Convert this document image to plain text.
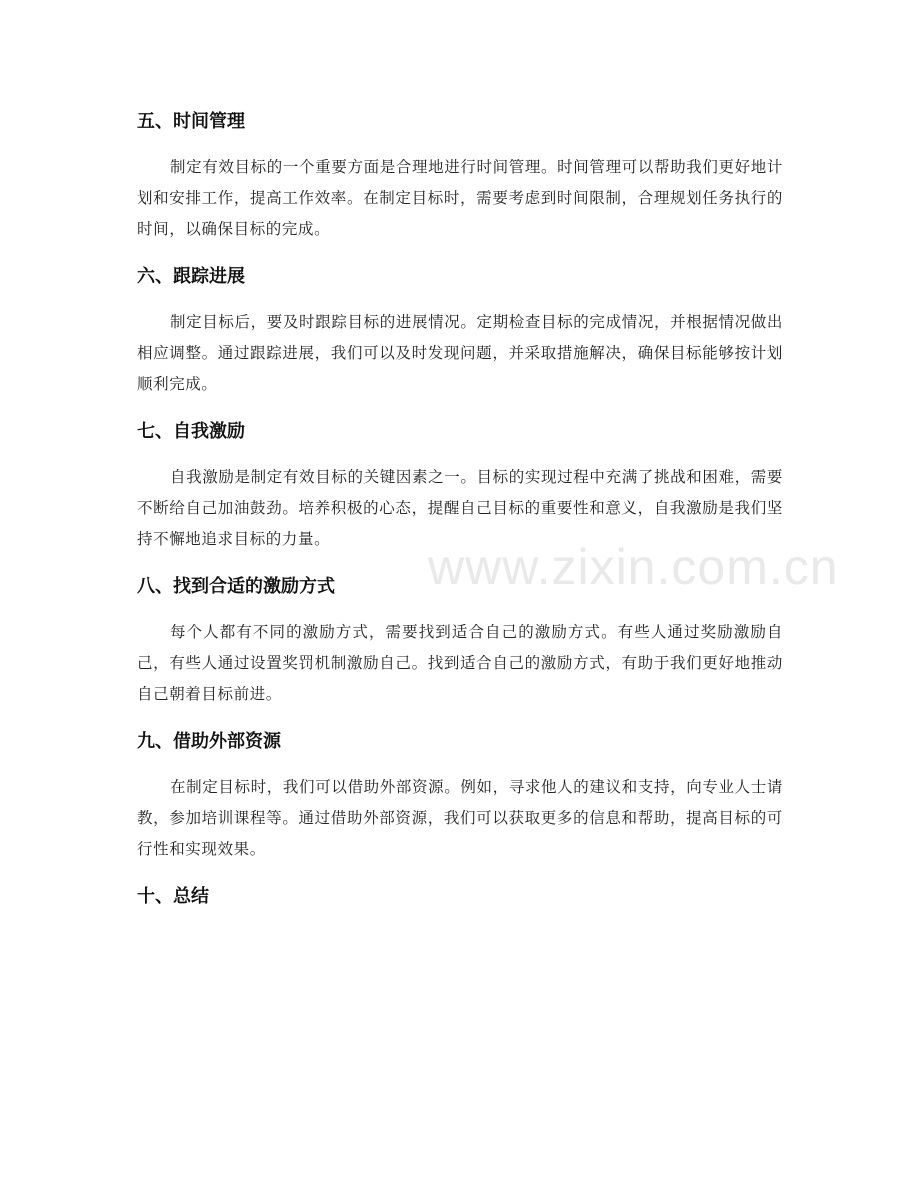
五、时间管理

制定有效目标的一个重要方面是合理地进行时间管理。时间管理可以帮助我们更好地计划和安排工作，提高工作效率。在制定目标时，需要考虑到时间限制，合理规划任务执行的时间，以确保目标的完成。

六、跟踪进展

制定目标后，要及时跟踪目标的进展情况。定期检查目标的完成情况，并根据情况做出相应调整。通过跟踪进展，我们可以及时发现问题，并采取措施解决，确保目标能够按计划顺利完成。

七、自我激励

自我激励是制定有效目标的关键因素之一。目标的实现过程中充满了挑战和困难，需要不断给自己加油鼓劲。培养积极的心态，提醒自己目标的重要性和意义，自我激励是我们坚持不懈地追求目标的力量。

八、找到合适的激励方式

每个人都有不同的激励方式，需要找到适合自己的激励方式。有些人通过奖励激励自己，有些人通过设置奖罚机制激励自己。找到适合自己的激励方式，有助于我们更好地推动自己朝着目标前进。

九、借助外部资源

在制定目标时，我们可以借助外部资源。例如，寻求他人的建议和支持，向专业人士请教，参加培训课程等。通过借助外部资源，我们可以获取更多的信息和帮助，提高目标的可行性和实现效果。

十、总结
www.zixin.com.cn
